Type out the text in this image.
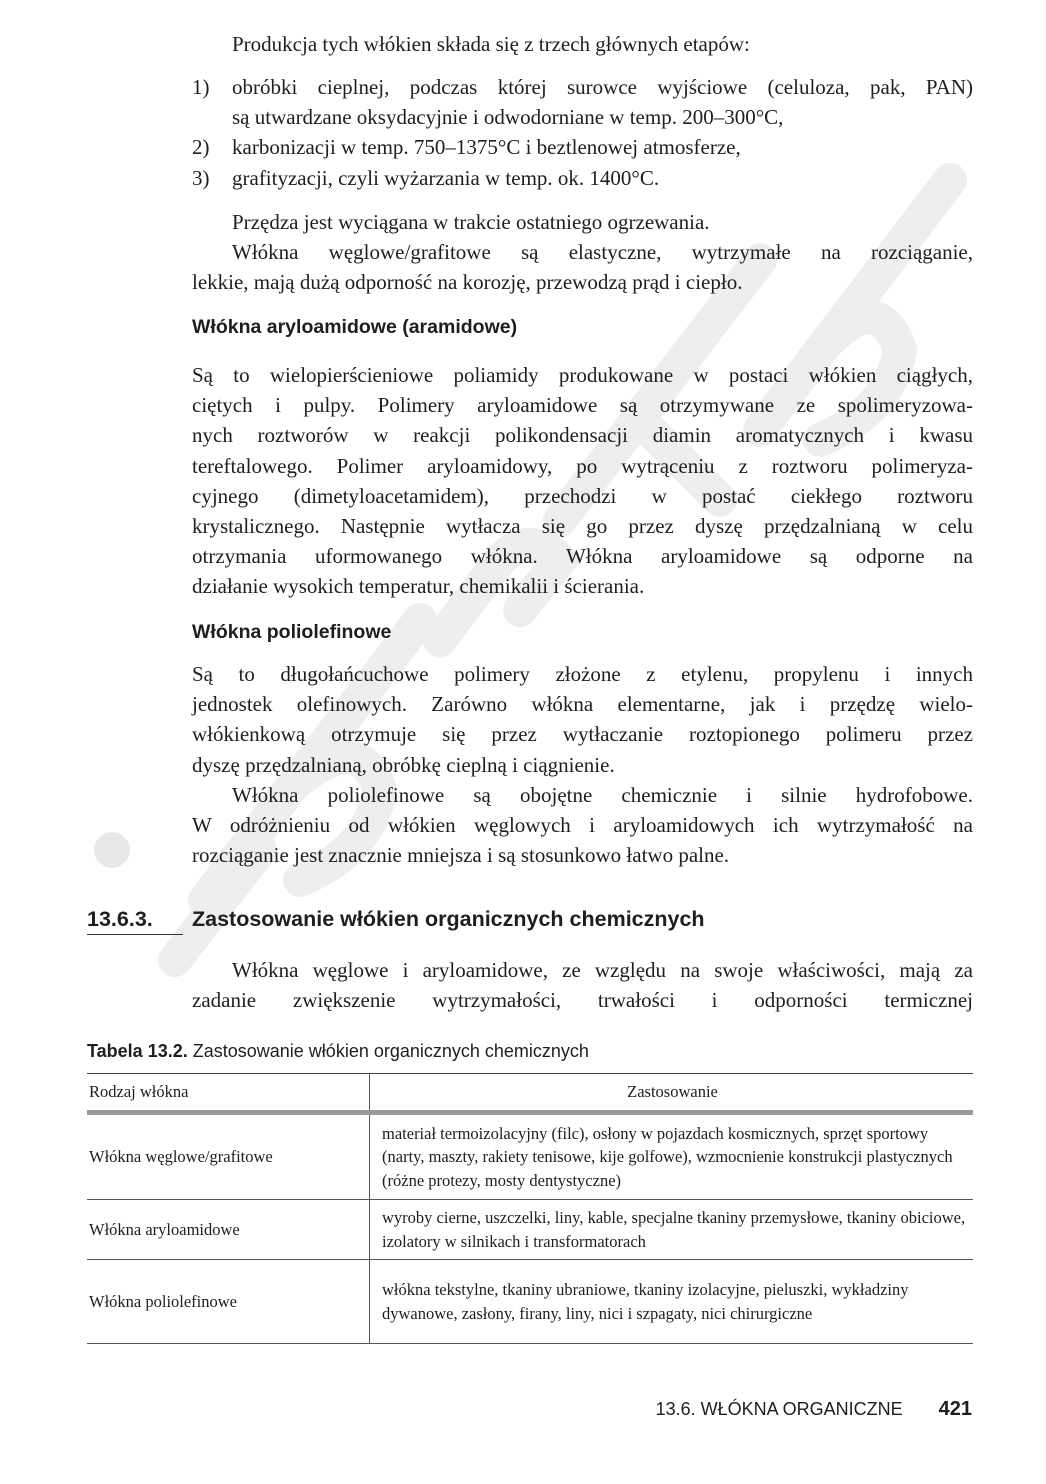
Produkcja tych włókien składa się z trzech głównych etapów:
1) obróbki cieplnej, podczas której surowce wyjściowe (celuloza, pak, PAN)
są utwardzane oksydacyjnie i odwodorniane w temp. 200–300°C,
2) karbonizacji w temp. 750–1375°C i beztlenowej atmosferze,
3) grafityzacji, czyli wyżarzania w temp. ok. 1400°C.
Przędza jest wyciągana w trakcie ostatniego ogrzewania.
Włókna węglowe/grafitowe są elastyczne, wytrzymałe na rozciąganie,
lekkie, mają dużą odporność na korozję, przewodzą prąd i ciepło.
Włókna aryloamidowe (aramidowe)
Są to wielopierścieniowe poliamidy produkowane w postaci włókien ciągłych,
ciętych i pulpy. Polimery aryloamidowe są otrzymywane ze spolimeryzowa-
nych roztworów w reakcji polikondensacji diamin aromatycznych i kwasu
tereftalowego. Polimer aryloamidowy, po wytrąceniu z roztworu polimeryza-
cyjnego (dimetyloacetamidem), przechodzi w postać ciekłego roztworu
krystalicznego. Następnie wytłacza się go przez dyszę przędzalnianą w celu
otrzymania uformowanego włókna. Włókna aryloamidowe są odporne na
działanie wysokich temperatur, chemikalii i ścierania.
Włókna poliolefinowe
Są to długołańcuchowe polimery złożone z etylenu, propylenu i innych
jednostek olefinowych. Zarówno włókna elementarne, jak i przędzę wielo-
włókienkową otrzymuje się przez wytłaczanie roztopionego polimeru przez
dyszę przędzalnianą, obróbkę cieplną i ciągnienie.
Włókna poliolefinowe są obojętne chemicznie i silnie hydrofobowe.
W odróżnieniu od włókien węglowych i aryloamidowych ich wytrzymałość na
rozciąganie jest znacznie mniejsza i są stosunkowo łatwo palne.
13.6.3.	Zastosowanie włókien organicznych chemicznych
Włókna węglowe i aryloamidowe, ze względu na swoje właściwości, mają za
zadanie zwiększenie wytrzymałości, trwałości i odporności termicznej
Tabela 13.2. Zastosowanie włókien organicznych chemicznych
Rodzaj włókna	Zastosowanie
Włókna węglowe/grafitowe	materiał termoizolacyjny (filc), osłony w pojazdach kosmicznych, sprzęt sportowy (narty, maszty, rakiety tenisowe, kije golfowe), wzmocnienie konstrukcji plastycznych (różne protezy, mosty dentystyczne)
Włókna aryloamidowe	wyroby cierne, uszczelki, liny, kable, specjalne tkaniny przemysłowe, tkaniny obiciowe, izolatory w silnikach i transformatorach
Włókna poliolefinowe	włókna tekstylne, tkaniny ubraniowe, tkaniny izolacyjne, pieluszki, wykładziny dywanowe, zasłony, firany, liny, nici i szpagaty, nici chirurgiczne
13.6. WŁÓKNA ORGANICZNE 421
